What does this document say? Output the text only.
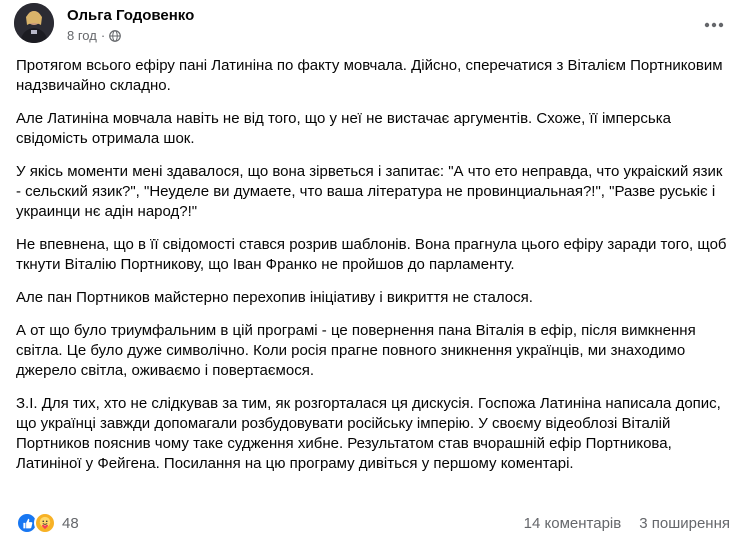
Ольга Годовенко
8 год ·

Протягом всього ефіру пані Латиніна по факту мовчала. Дійсно, сперечатися з Віталієм Портниковим надзвичайно складно.

Але Латиніна мовчала навіть не від того, що у неї не вистачає аргументів. Схоже, її імперська свідомість отримала шок.

У якісь моменти мені здавалося, що вона зірветься і запитає: "А что ето неправда, что украіский язик - сельский язик?", "Неуделе ви думаете, что ваша література не провинциальная?!", "Разве руськіє і украинци нє адін народ?!"

Не впевнена, що в її свідомості стався розрив шаблонів. Вона прагнула цього ефіру заради того, щоб ткнути Віталію Портникову, що Іван Франко не пройшов до парламенту.

Але пан Портников майстерно перехопив ініціативу і викриття не сталося.

А от що було триумфальним в цій програмі - це повернення пана Віталія в ефір, після вимкнення світла. Це було дуже символічно. Коли росія прагне повного зникнення українців, ми знаходимо джерело світла, оживаємо і повертаємося.

З.І. Для тих, хто не слідкував за тим, як розгорталася ця дискусія. Госпожа Латиніна написала допис, що українці завжди допомагали розбудовувати російську імперію. У своєму відеоблозі Віталій Портников пояснив чому таке судження хибне. Результатом став вчорашній ефір Портникова, Латиніної у Фейгена. Посилання на цю програму дивіться у першому коментарі.

48	14 коментарів 3 поширення
